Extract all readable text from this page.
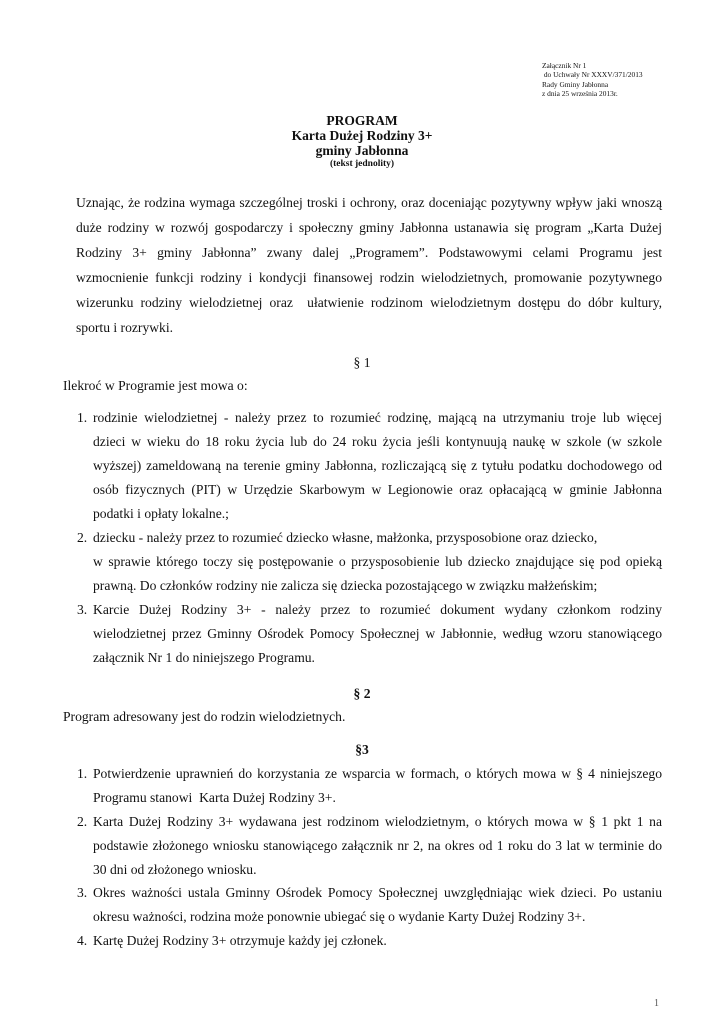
Załącznik Nr 1
do Uchwały Nr XXXV/371/2013
Rady Gminy Jabłonna
z dnia 25 września 2013r.
PROGRAM
Karta Dużej Rodziny 3+
gminy Jabłonna
(tekst jednolity)
Uznając, że rodzina wymaga szczególnej troski i ochrony, oraz doceniając pozytywny wpływ jaki wnoszą
duże rodziny w rozwój gospodarczy i społeczny gminy Jabłonna ustanawia się program „Karta Dużej
Rodziny 3+ gminy Jabłonna” zwany dalej „Programem”. Podstawowymi celami Programu jest
wzmocnienie funkcji rodziny i kondycji finansowej rodzin wielodzietnych, promowanie pozytywnego
wizerunku rodziny wielodzietnej oraz  ułatwienie rodzinom wielodzietnym dostępu do dóbr kultury,
sportu i rozrywki.
§ 1
Ilekroć w Programie jest mowa o:
1. rodzinie wielodzietnej - należy przez to rozumieć rodzinę, mającą na utrzymaniu troje lub więcej
dzieci w wieku do 18 roku życia lub do 24 roku życia jeśli kontynuują naukę w szkole (w szkole
wyższej) zameldowaną na terenie gminy Jabłonna, rozliczającą się z tytułu podatku dochodowego od
osób fizycznych (PIT) w Urzędzie Skarbowym w Legionowie oraz opłacającą w gminie Jabłonna
podatki i opłaty lokalne.;
2. dziecku - należy przez to rozumieć dziecko własne, małżonka, przysposobione oraz dziecko,
w sprawie którego toczy się postępowanie o przysposobienie lub dziecko znajdujące się pod opieką
prawną. Do członków rodziny nie zalicza się dziecka pozostającego w związku małżeńskim;
3. Karcie Dużej Rodziny 3+ - należy przez to rozumieć dokument wydany członkom rodziny
wielodzietnej przez Gminny Ośrodek Pomocy Społecznej w Jabłonnie, według wzoru stanowiącego
załącznik Nr 1 do niniejszego Programu.
§ 2
Program adresowany jest do rodzin wielodzietnych.
§3
1. Potwierdzenie uprawnień do korzystania ze wsparcia w formach, o których mowa w § 4 niniejszego
Programu stanowi  Karta Dużej Rodziny 3+.
2. Karta Dużej Rodziny 3+ wydawana jest rodzinom wielodzietnym, o których mowa w § 1 pkt 1 na
podstawie złożonego wniosku stanowiącego załącznik nr 2, na okres od 1 roku do 3 lat w terminie do
30 dni od złożonego wniosku.
3. Okres ważności ustala Gminny Ośrodek Pomocy Społecznej uwzględniając wiek dzieci. Po ustaniu
okresu ważności, rodzina może ponownie ubiegać się o wydanie Karty Dużej Rodziny 3+.
4. Kartę Dużej Rodziny 3+ otrzymuje każdy jej członek.
1
